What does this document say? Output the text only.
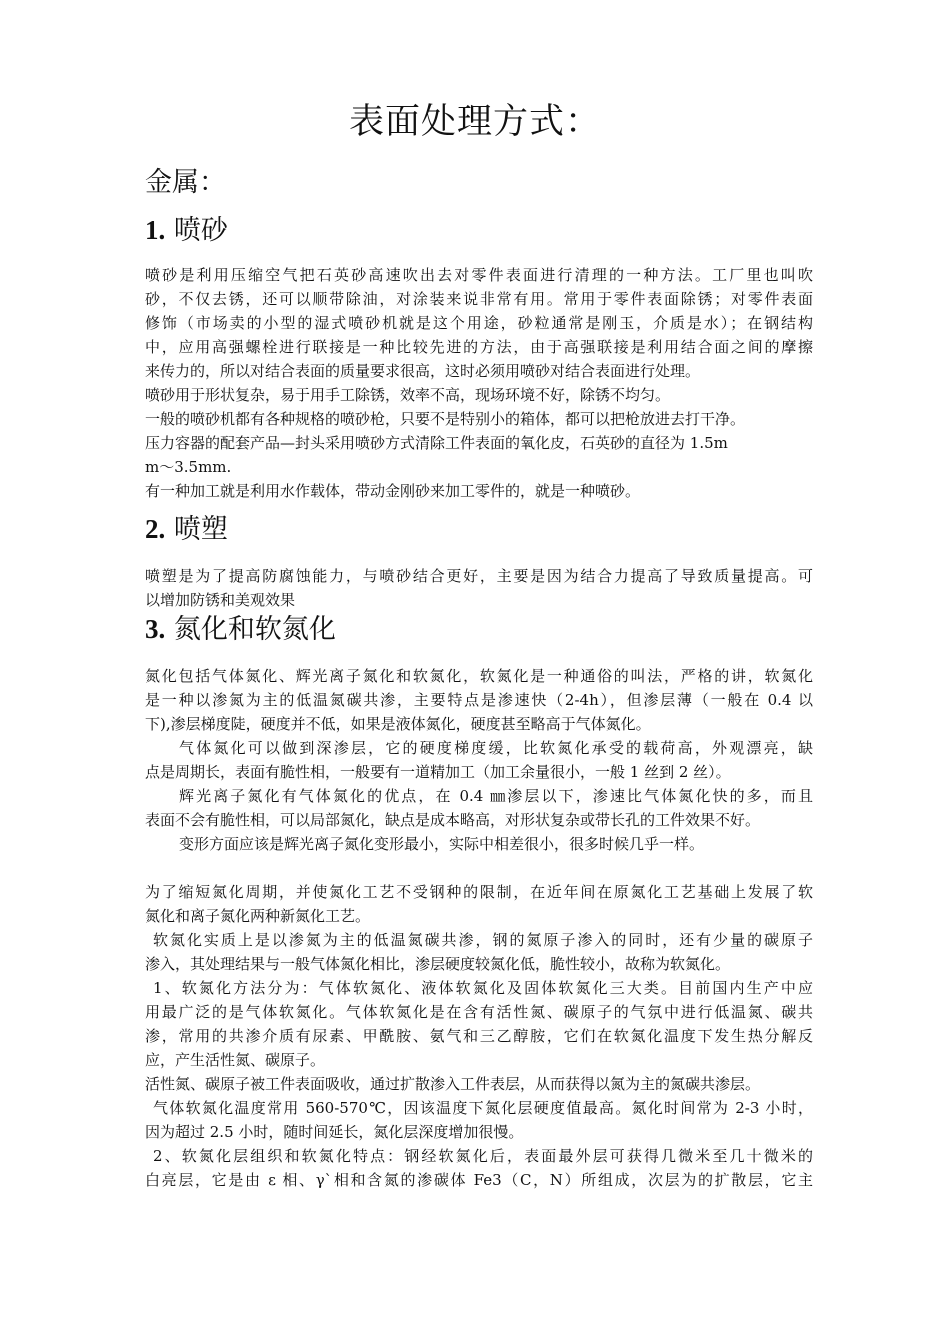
表面处理方式：
金属：
1. 喷砂
喷砂是利用压缩空气把石英砂高速吹出去对零件表面进行清理的一种方法。工厂里也叫吹
砂，不仅去锈，还可以顺带除油，对涂装来说非常有用。常用于零件表面除锈；对零件表面
修饰（市场卖的小型的湿式喷砂机就是这个用途，砂粒通常是刚玉，介质是水）；在钢结构
中，应用高强螺栓进行联接是一种比较先进的方法，由于高强联接是利用结合面之间的摩擦
来传力的，所以对结合表面的质量要求很高，这时必须用喷砂对结合表面进行处理。
喷砂用于形状复杂，易于用手工除锈，效率不高，现场环境不好，除锈不均匀。
一般的喷砂机都有各种规格的喷砂枪，只要不是特别小的箱体，都可以把枪放进去打干净。
压力容器的配套产品—封头采用喷砂方式清除工件表面的氧化皮，石英砂的直径为 1.5m
m～3.5mm.
有一种加工就是利用水作载体，带动金刚砂来加工零件的，就是一种喷砂。
2. 喷塑
喷塑是为了提高防腐蚀能力，与喷砂结合更好，主要是因为结合力提高了导致质量提高。可
以增加防锈和美观效果
3. 氮化和软氮化
氮化包括气体氮化、辉光离子氮化和软氮化，软氮化是一种通俗的叫法，严格的讲，软氮化
是一种以渗氮为主的低温氮碳共渗，主要特点是渗速快（2-4h），但渗层薄（一般在 0.4 以
下),渗层梯度陡，硬度并不低，如果是液体氮化，硬度甚至略高于气体氮化。
气体氮化可以做到深渗层，它的硬度梯度缓，比软氮化承受的载荷高，外观漂亮，缺
点是周期长，表面有脆性相，一般要有一道精加工（加工余量很小，一般 1 丝到 2 丝）。
辉光离子氮化有气体氮化的优点，在 0.4 ㎜渗层以下，渗速比气体氮化快的多，而且
表面不会有脆性相，可以局部氮化，缺点是成本略高，对形状复杂或带长孔的工件效果不好。
变形方面应该是辉光离子氮化变形最小，实际中相差很小，很多时候几乎一样。
为了缩短氮化周期，并使氮化工艺不受钢种的限制，在近年间在原氮化工艺基础上发展了软
氮化和离子氮化两种新氮化工艺。
软氮化实质上是以渗氮为主的低温氮碳共渗，钢的氮原子渗入的同时，还有少量的碳原子
渗入，其处理结果与一般气体氮化相比，渗层硬度较氮化低，脆性较小，故称为软氮化。
1、软氮化方法分为：气体软氮化、液体软氮化及固体软氮化三大类。目前国内生产中应
用最广泛的是气体软氮化。气体软氮化是在含有活性氮、碳原子的气氛中进行低温氮、碳共
渗，常用的共渗介质有尿素、甲酰胺、氨气和三乙醇胺，它们在软氮化温度下发生热分解反
应，产生活性氮、碳原子。
活性氮、碳原子被工件表面吸收，通过扩散渗入工件表层，从而获得以氮为主的氮碳共渗层。
气体软氮化温度常用 560-570℃，因该温度下氮化层硬度值最高。氮化时间常为 2-3 小时，
因为超过 2.5 小时，随时间延长，氮化层深度增加很慢。
2、软氮化层组织和软氮化特点：钢经软氮化后，表面最外层可获得几微米至几十微米的
白亮层，它是由 ε 相、γ`相和含氮的渗碳体 Fe3（C，N）所组成，次层为的扩散层，它主
